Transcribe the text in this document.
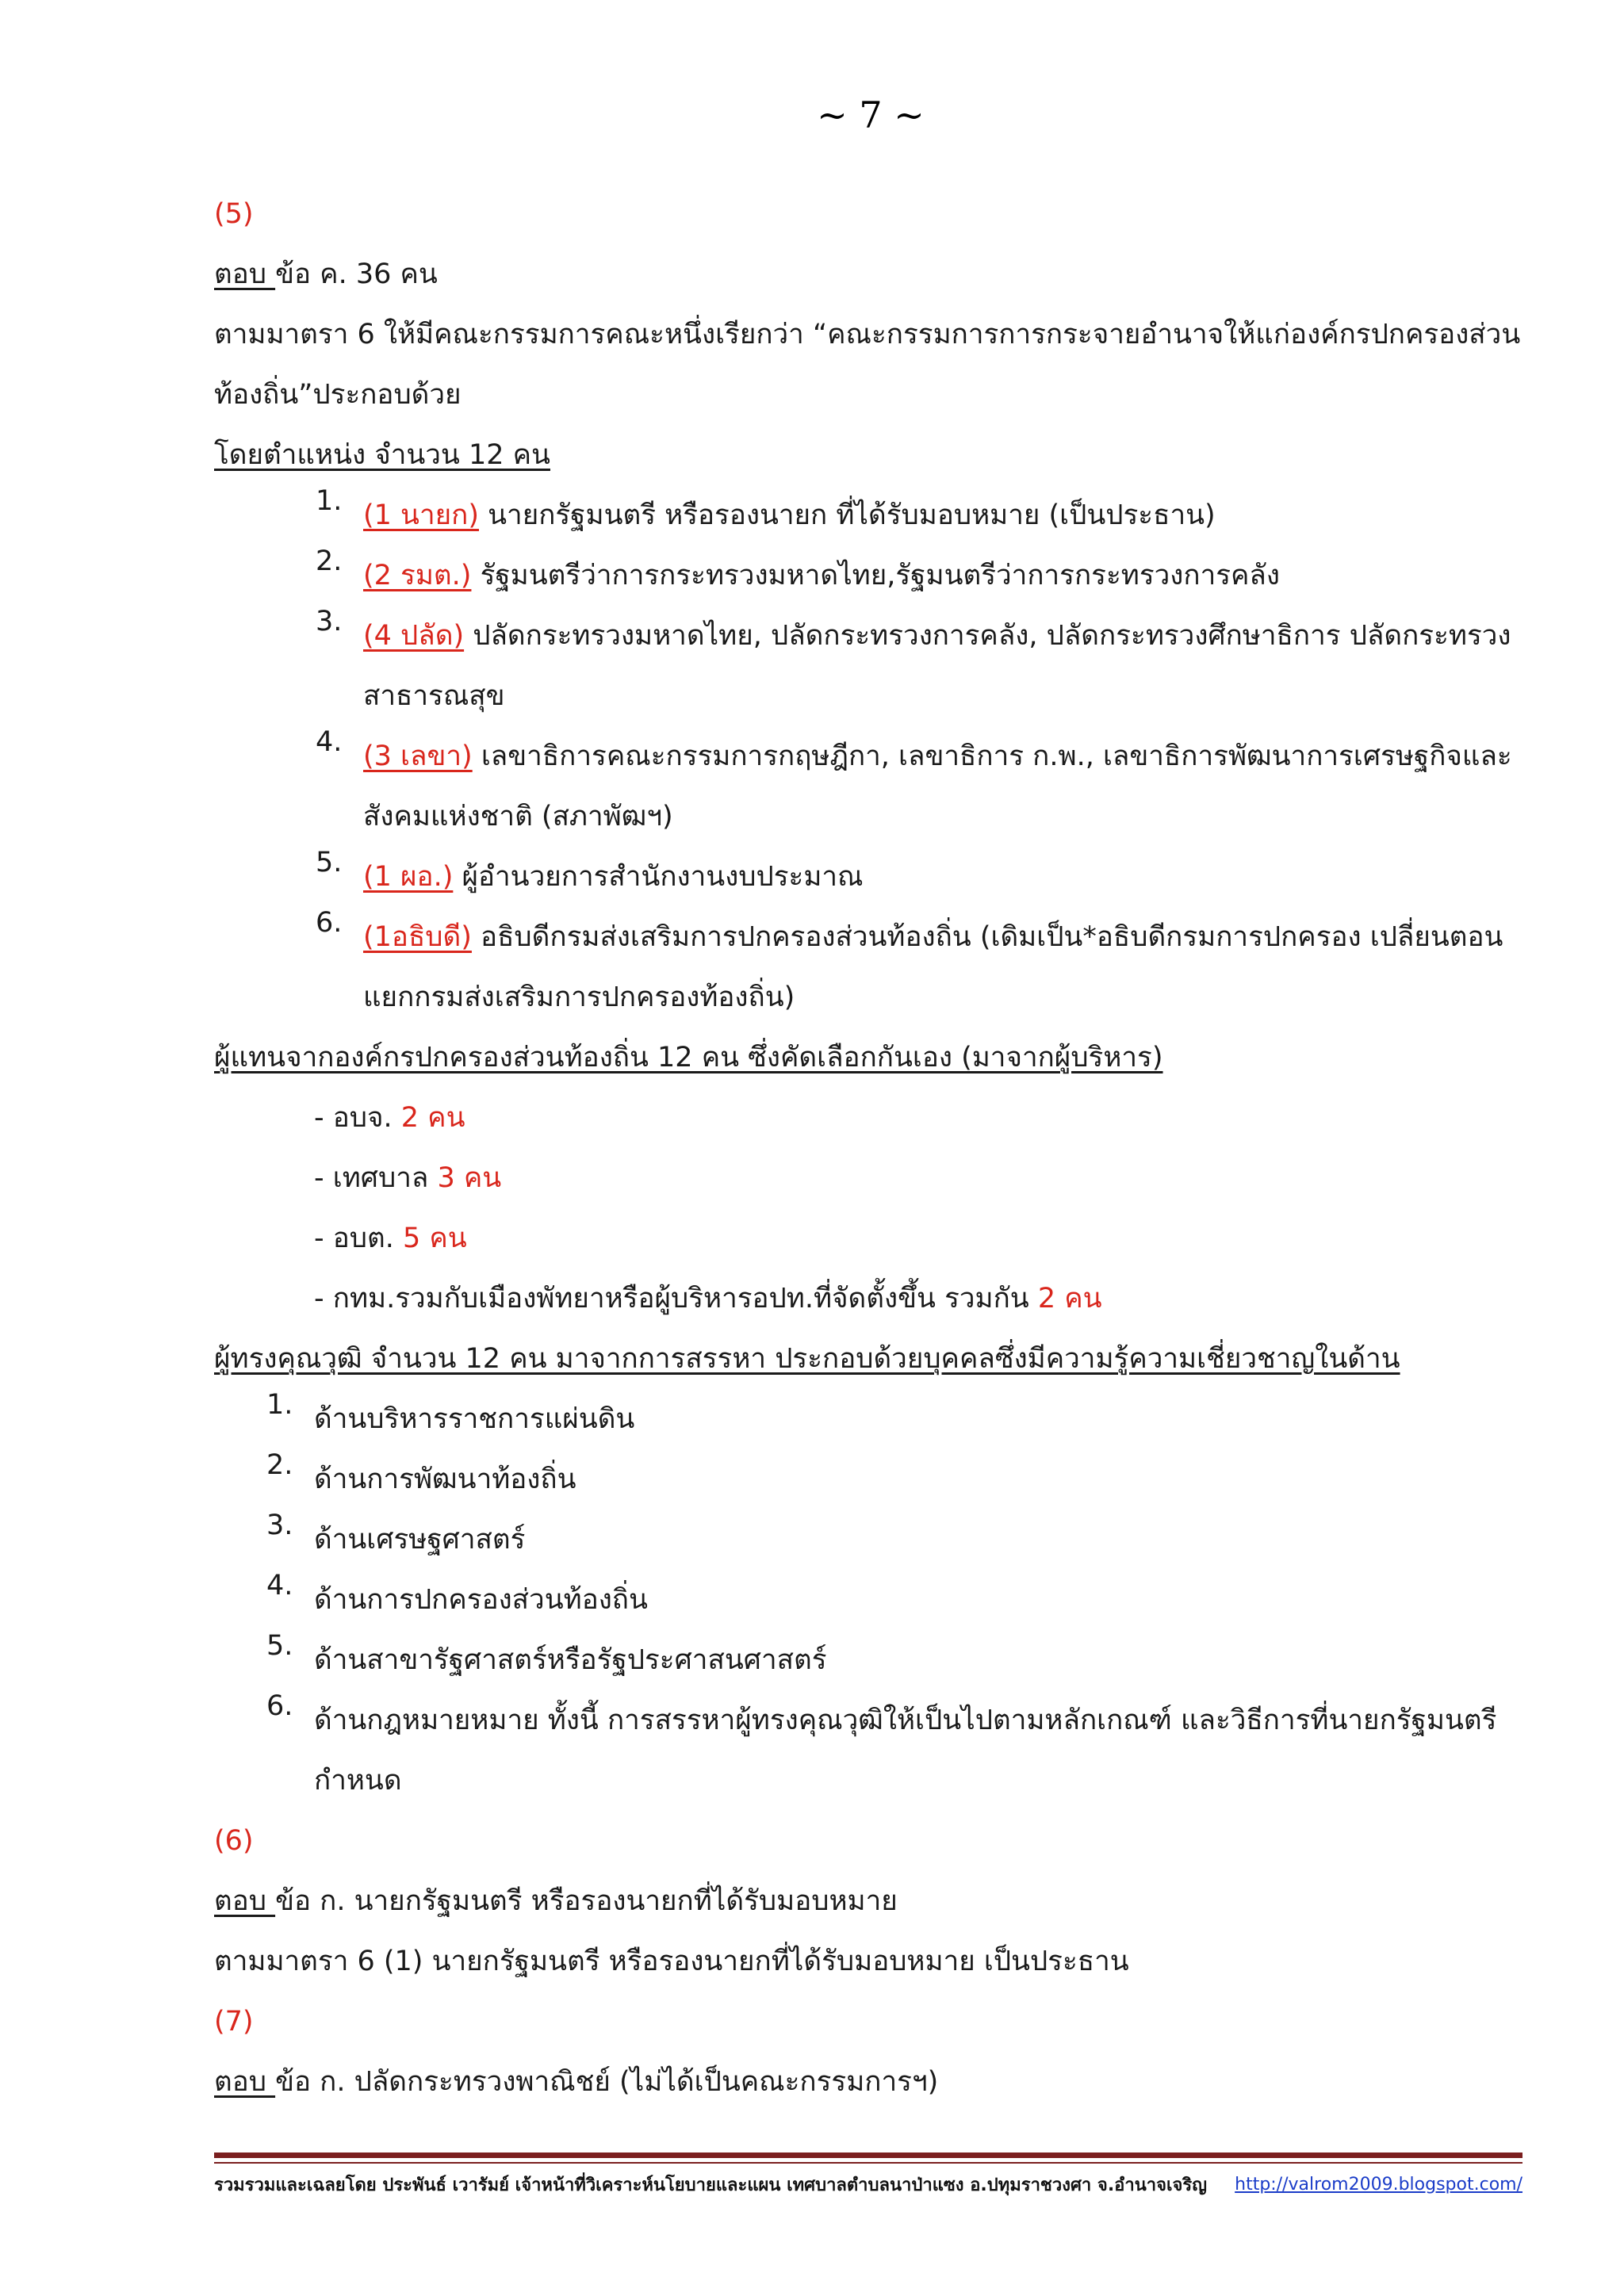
~ 7 ~
(5)
ตอบ ข้อ ค. 36 คน
ตามมาตรา 6 ให้มีคณะกรรมการคณะหนึ่งเรียกว่า “คณะกรรมการการกระจายอำนาจให้แก่องค์กรปกครองส่วนท้องถิ่น”ประกอบด้วย
โดยตำแหน่ง จำนวน 12 คน
1. (1 นายก) นายกรัฐมนตรี หรือรองนายก ที่ได้รับมอบหมาย (เป็นประธาน)
2. (2 รมต.) รัฐมนตรีว่าการกระทรวงมหาดไทย,รัฐมนตรีว่าการกระทรวงการคลัง
3. (4 ปลัด) ปลัดกระทรวงมหาดไทย, ปลัดกระทรวงการคลัง, ปลัดกระทรวงศึกษาธิการ ปลัดกระทรวงสาธารณสุข
4. (3 เลขา) เลขาธิการคณะกรรมการกฤษฎีกา, เลขาธิการ ก.พ., เลขาธิการพัฒนาการเศรษฐกิจและสังคมแห่งชาติ (สภาพัฒฯ)
5. (1 ผอ.) ผู้อำนวยการสำนักงานงบประมาณ
6. (1อธิบดี) อธิบดีกรมส่งเสริมการปกครองส่วนท้องถิ่น (เดิมเป็น*อธิบดีกรมการปกครอง เปลี่ยนตอนแยกกรมส่งเสริมการปกครองท้องถิ่น)
ผู้แทนจากองค์กรปกครองส่วนท้องถิ่น 12 คน ซึ่งคัดเลือกกันเอง (มาจากผู้บริหาร)
- อบจ. 2 คน
- เทศบาล 3 คน
- อบต. 5 คน
- กทม.รวมกับเมืองพัทยาหรือผู้บริหารอปท.ที่จัดตั้งขึ้น รวมกัน 2 คน
ผู้ทรงคุณวุฒิ จำนวน 12 คน มาจากการสรรหา ประกอบด้วยบุคคลซึ่งมีความรู้ความเชี่ยวชาญในด้าน
1. ด้านบริหารราชการแผ่นดิน
2. ด้านการพัฒนาท้องถิ่น
3. ด้านเศรษฐศาสตร์
4. ด้านการปกครองส่วนท้องถิ่น
5. ด้านสาขารัฐศาสตร์หรือรัฐประศาสนศาสตร์
6. ด้านกฎหมายหมาย ทั้งนี้ การสรรหาผู้ทรงคุณวุฒิให้เป็นไปตามหลักเกณฑ์ และวิธีการที่นายกรัฐมนตรีกำหนด
(6)
ตอบ ข้อ ก. นายกรัฐมนตรี หรือรองนายกที่ได้รับมอบหมาย
ตามมาตรา 6 (1) นายกรัฐมนตรี หรือรองนายกที่ได้รับมอบหมาย เป็นประธาน
(7)
ตอบ ข้อ ก. ปลัดกระทรวงพาณิชย์ (ไม่ได้เป็นคณะกรรมการฯ)
รวมรวมและเฉลยโดย ประพันธ์ เวารัมย์ เจ้าหน้าที่วิเคราะห์นโยบายและแผน เทศบาลตำบลนาป่าแซง อ.ปทุมราชวงศา จ.อำนาจเจริญ http://valrom2009.blogspot.com/
